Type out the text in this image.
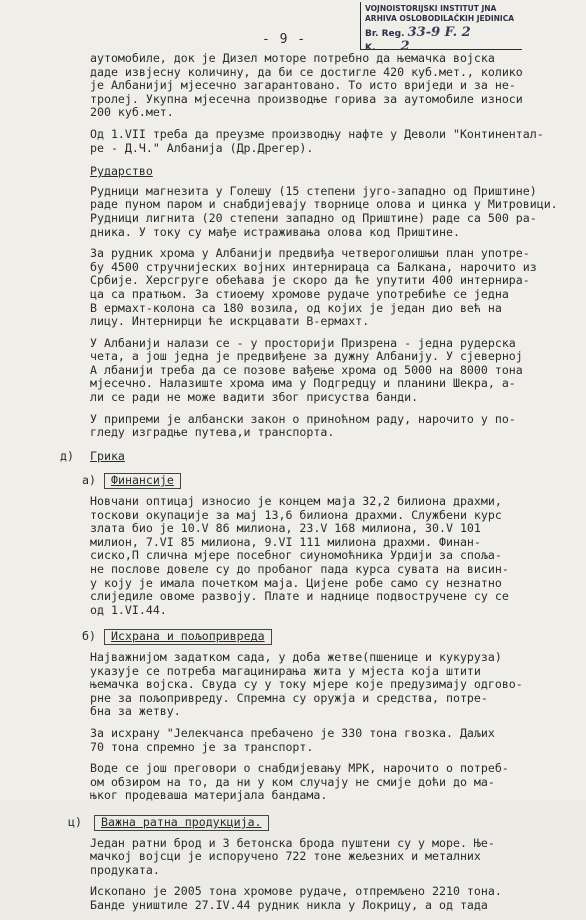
- 9 -
VOJNOISTORIJSKI INSTITUT JNA
ARHIVA OSLOBODILAČKIH JEDINICA
Br. Reg. 33-9 F. 2
K. 2
аутомобиле, док је Дизел моторе потребно да њемачка војска
даде извјесну количину, да би се достигле 420 куб.мет., колико
је Албанијиј мјесечно загарантовано. То исто вриједи и за не-
тролеј. Укупна мјесечна производње горива за аутомобиле износи
200 куб.мет.
Од 1.VII треба да преузме производњу нафте у Деволи "Континентал-
ре - Д.Ч." Албанија (Др.Дрегер).
Рударство
Рудници магнезита у Голешу (15 степени југо-западно од Приштине)
раде пуном паром и снабдијевају творнице олова и цинка у Митровици.
Рудници лигнита (20 степени западно од Приштине) раде са 500 ра-
дника. У току су мађе истраживања олова код Приштине.
За рудник хрома у Албанији предвиђа четвероголишњи план употре-
бу 4500 стручнијеских војних интернираца са Балкана, нарочито из
Србије. Херсгруге обећава је скоро да ће упутити 400 интернира-
ца са пратњом. За стиоему хромове рудаче употребиће се једна
В ермахт-колона са 180 возила, од којих је један дио већ на
лицу. Интернирци ће искрцавати В-ермахт.
У Албанији налази се - у просторији Призрена - једна рудерска
чета, а још једна је предвиђене за дужну Албанију. У сјеверној
А лбанији треба да се позове вађење хрома од 5000 на 8000 тона
мјесечно. Налазиште хрома има у Подгредцу и планини Шекра, а-
ли се ради не може вадити због присуства банди.
У припреми је албански закон о приноћном раду, нарочито у по-
гледу изградње путева,и транспорта.
д) Грика
а) Финансије
Новчани оптицај износио је концем маја 32,2 билиона драхми,
тоскови окупације за мај 13,6 билиона драхми. Службени курс
злата био је 10.V 86 милиона, 23.V 168 милиона, 30.V 101
милион, 7.VI 85 милиона, 9.VI 111 милиона драхми. Финан-
сиско,П слична мјере посебног сиуномоћника Урдији за споља-
не послове довеле су до пробаног пада курса сувата на висин-
у коју је имала почетком маја. Цијене робе само су незнатно
слиједиле овоме развоју. Плате и наднице подвостручене су се
од 1.VI.44.
б) Исхрана и пољопривреда
Најважнијом задатком сада, у доба жетве(пшенице и кукуруза)
указује се потреба магацинирања жита у мјеста која штити
њемачка војска. Свуда су у току мјере које предузимају одгово-
рне за пољопривреду. Спремна су оружја и средства, потре-
бна за жетву.
За исхрану "Јелекчанса пребачено је 330 тона гвозка. Даљих
70 тона спремно је за транспорт.
Воде се још преговори о снабдијевању МРК, нарочито о потреб-
ом обзиром на то, да ни у ком случају не смије доћи до ма-
њког продеваша материјала бандама.
ц) Важна ратна продукција.
Један ратни брод и 3 бетонска брода пуштени су у море. Ње-
мачкој војсци је испоручено 722 тоне жељезних и металних
продуката.
Ископано је 2005 тона хромове рудаче, отпремљено 2210 тона.
Банде уништиле 27.IV.44 рудник никла у Локрицу, а од тада
